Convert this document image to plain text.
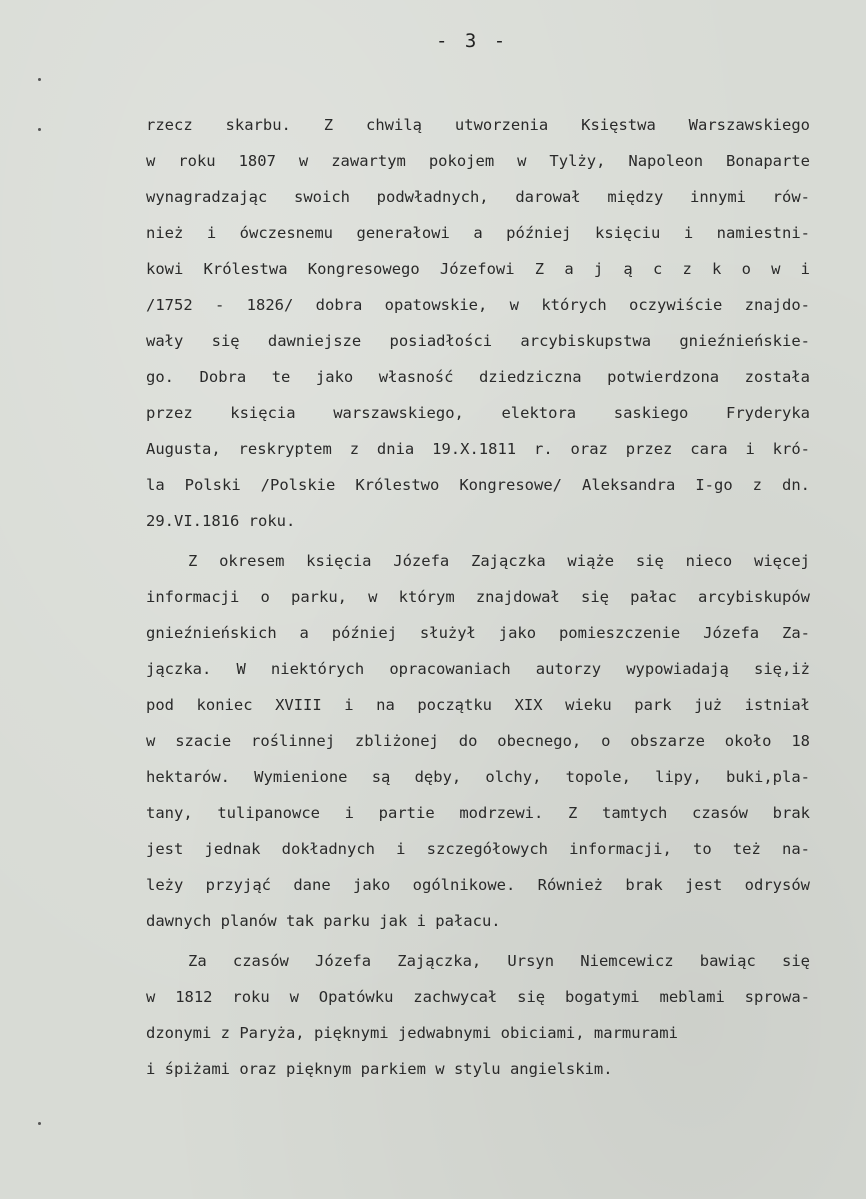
- 3 -
rzecz skarbu. Z chwilą utworzenia Księstwa Warszawskiego
w roku 1807 w zawartym pokojem w Tylży, Napoleon Bonaparte
wynagradzając swoich podwładnych, darował między innymi rów-
nież i ówczesnemu generałowi a później księciu i namiestni-
kowi Królestwa Kongresowego Józefowi Z a j ą c z k o w i
/1752 - 1826/ dobra opatowskie, w których oczywiście znajdo-
wały się dawniejsze posiadłości arcybiskupstwa gnieźnieńskie-
go. Dobra te jako własność dziedziczna potwierdzona została
przez księcia warszawskiego, elektora saskiego Fryderyka
Augusta, reskryptem z dnia 19.X.1811 r. oraz przez cara i kró-
la Polski /Polskie Królestwo Kongresowe/ Aleksandra I-go z dn.
29.VI.1816 roku.
Z okresem księcia Józefa Zajączka wiąże się nieco więcej
informacji o parku, w którym znajdował się pałac arcybiskupów
gnieźnieńskich a później służył jako pomieszczenie Józefa Za-
jączka. W niektórych opracowaniach autorzy wypowiadają się,iż
pod koniec XVIII i na początku XIX wieku park już istniał
w szacie roślinnej zbliżonej do obecnego, o obszarze około 18
hektarów. Wymienione są dęby, olchy, topole, lipy, buki,pla-
tany, tulipanowce i partie modrzewi. Z tamtych czasów brak
jest jednak dokładnych i szczegółowych informacji, to też na-
leży przyjąć dane jako ogólnikowe. Również brak jest odrysów
dawnych planów tak parku jak i pałacu.
Za czasów Józefa Zajączka, Ursyn Niemcewicz bawiąc się
w 1812 roku w Opatówku zachwycał się bogatymi meblami sprowa-
dzonymi z Paryża, pięknymi jedwabnymi obiciami, marmurami
i śpiżami oraz pięknym parkiem w stylu angielskim.
